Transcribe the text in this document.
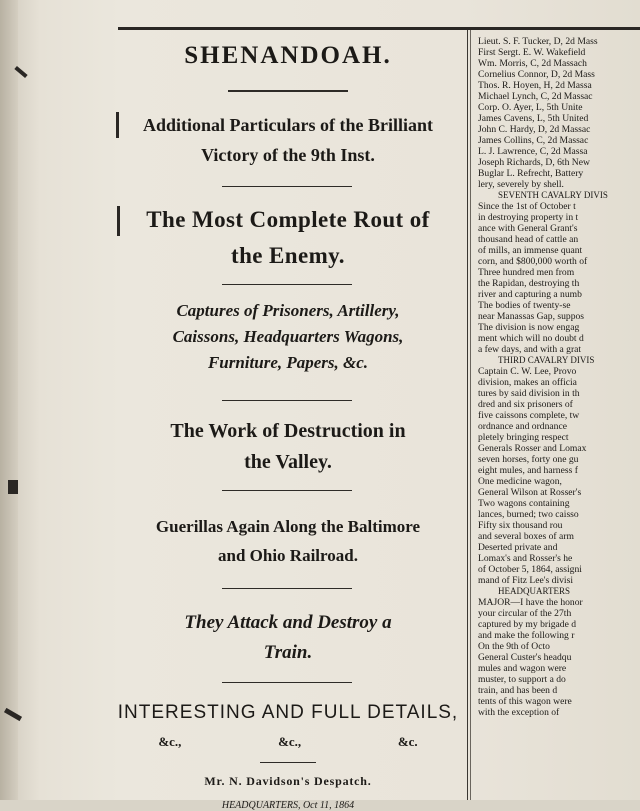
SHENANDOAH.
Additional Particulars of the Brilliant
Victory of the 9th Inst.
The Most Complete Rout of
the Enemy.
Captures of Prisoners, Artillery,
Caissons, Headquarters Wagons,
Furniture, Papers, &c.
The Work of Destruction in
the Valley.
Guerillas Again Along the Baltimore
and Ohio Railroad.
They Attack and Destroy a
Train.
INTERESTING AND FULL DETAILS,
&c.,	&c.,	&c.
Mr. N. Davidson's Despatch.
HEADQUARTERS, Oct 11, 1864
Lieut. S. F. Tucker, D, 2d Mass
First Sergt. E. W. Wakefield
Wm. Morris, C, 2d Massach
Cornelius Connor, D, 2d Mass
Thos. R. Hoyen, H, 2d Massa
Michael Lynch, C, 2d Massac
Corp. O. Ayer, L, 5th Unite
James Cavens, L, 5th United
John C. Hardy, D, 2d Massac
James Collins, C, 2d Massac
L. J. Lawrence, C, 2d Massa
Joseph Richards, D, 6th New
Buglar L. Refrecht, Battery
lery, severely by shell.
SEVENTH CAVALRY DIVIS
Since the 1st of October t
in destroying property in t
ance with General Grant's
thousand head of cattle an
of mills, an immense quant
corn, and $800,000 worth of
Three hundred men from
the Rapidan, destroying th
river and capturing a numb
The bodies of twenty-se
near Manassas Gap, suppos
The division is now engag
ment which will no doubt d
a few days, and with a grat
THIRD CAVALRY DIVIS
Captain C. W. Lee, Provo
division, makes an officia
tures by said division in th
dred and six prisoners of
five caissons complete, tw
ordnance and ordnance
pletely bringing respect
Generals Rosser and Lomax
seven horses, forty one gu
eight mules, and harness f
One medicine wagon,
General Wilson at Rosser's
Two wagons containing
lances, burned; two caisso
Fifty six thousand rou
and several boxes of arm
Deserted private and
Lomax's and Rosser's he
of October 5, 1864, assigni
mand of Fitz Lee's divisi
HEADQUARTERS
MAJOR—I have the honor
your circular of the 27th
captured by my brigade d
and make the following r
On the 9th of Octo
General Custer's headqu
mules and wagon were
muster, to support a do
train, and has been d
tents of this wagon were
with the exception of
